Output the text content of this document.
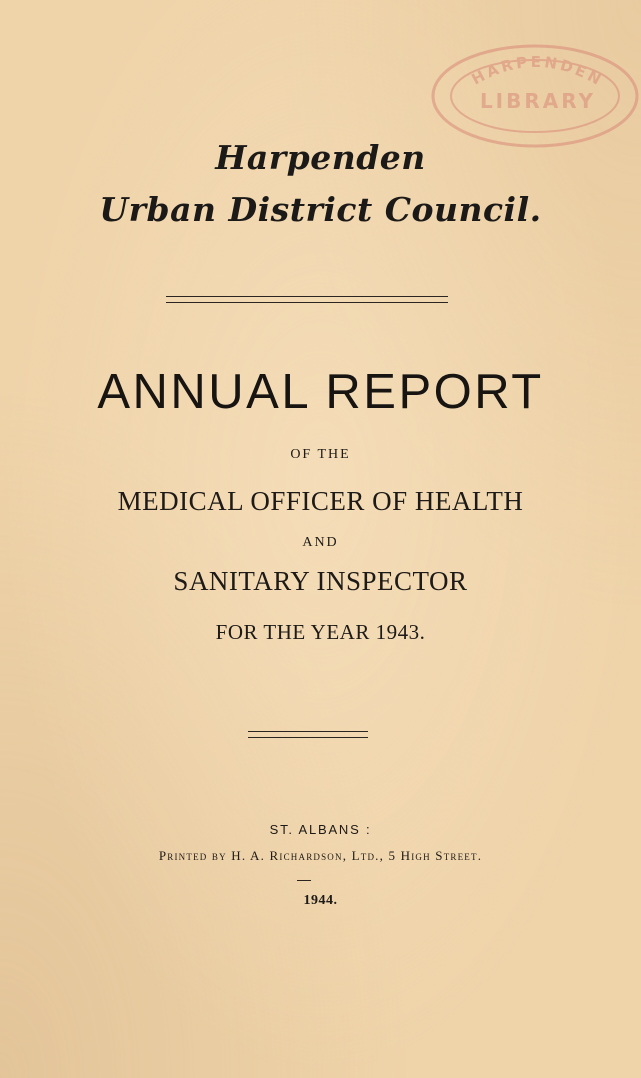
HARPENDEN
LIBRARY
Harpenden
Urban District Council.
ANNUAL REPORT
OF THE
MEDICAL OFFICER OF HEALTH
AND
SANITARY INSPECTOR
FOR THE YEAR 1943.
ST. ALBANS :
Printed by H. A. Richardson, Ltd., 5 High Street.
1944.
